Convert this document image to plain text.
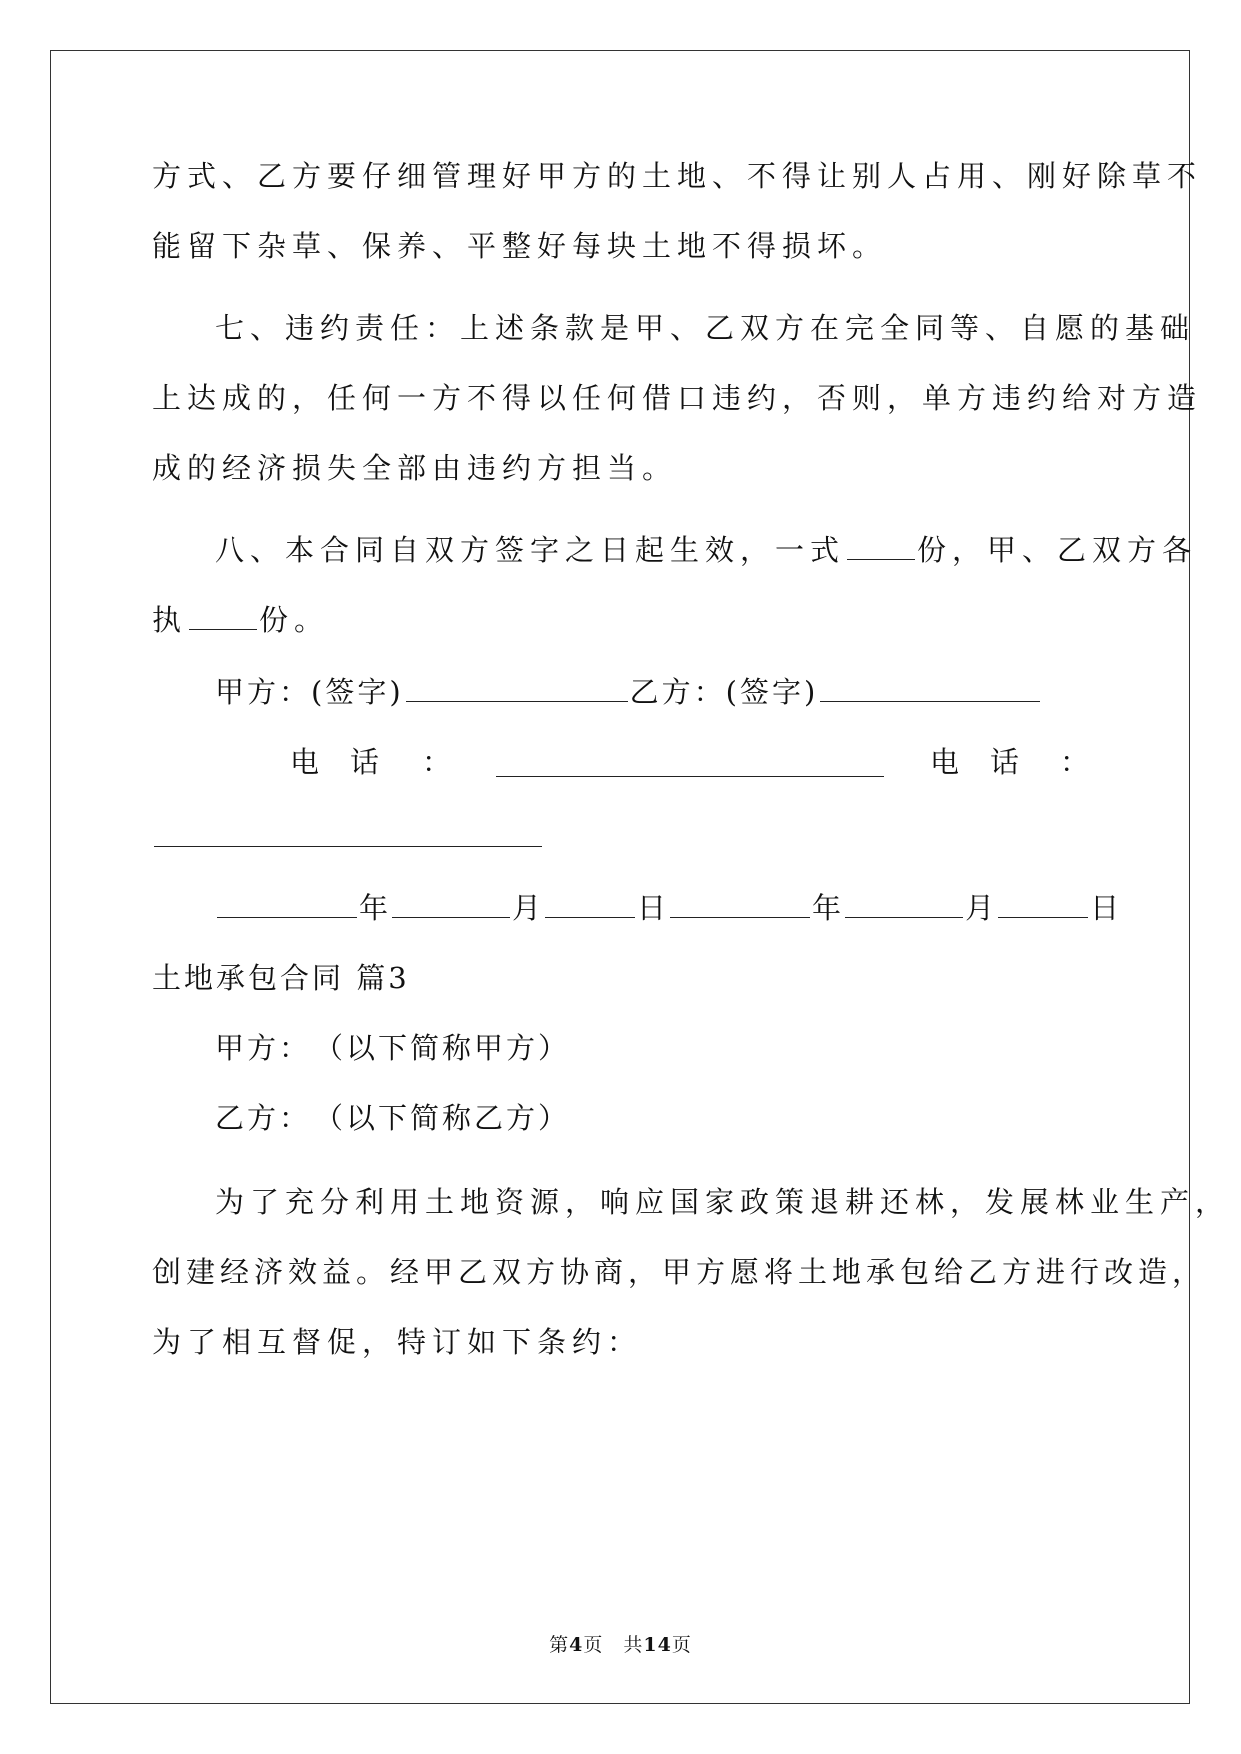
方式、乙方要仔细管理好甲方的土地、不得让别人占用、刚好除草不
能留下杂草、保养、平整好每块土地不得损坏。
七、违约责任：上述条款是甲、乙双方在完全同等、自愿的基础
上达成的，任何一方不得以任何借口违约，否则，单方违约给对方造
成的经济损失全部由违约方担当。
八、本合同自双方签字之日起生效，一式 份，甲、乙双方各
执 份。
甲方：(签字)	乙方：(签字)
电 话 ：	电 话 ：
年	月	日	年	月	日
土地承包合同 篇3
甲方：　（以下简称甲方）
乙方：　（以下简称乙方）
为了充分利用土地资源，响应国家政策退耕还林，发展林业生产，
创建经济效益。经甲乙双方协商，甲方愿将土地承包给乙方进行改造，
为了相互督促，特订如下条约：
第4页　共14页
